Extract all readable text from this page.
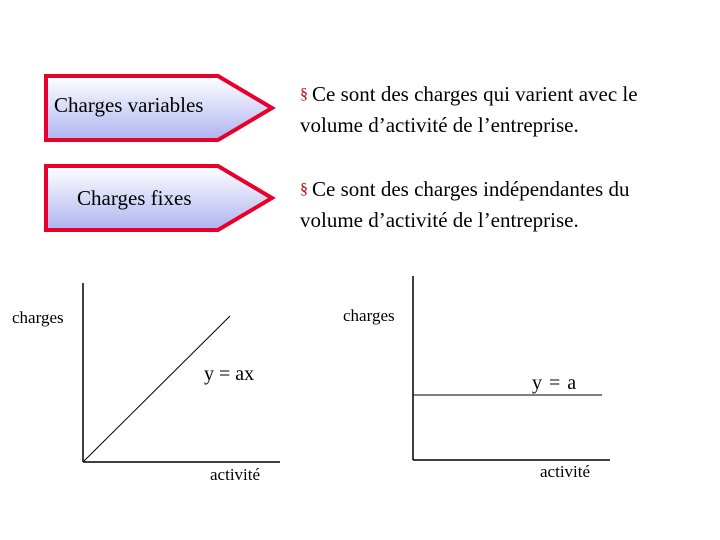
Charges variables
Charges fixes
§ Ce sont des charges qui varient avec le volume d’activité de l’entreprise.
§ Ce sont des charges indépendantes du volume d’activité de l’entreprise.
charges
activité
y = ax
charges
activité
y = a
